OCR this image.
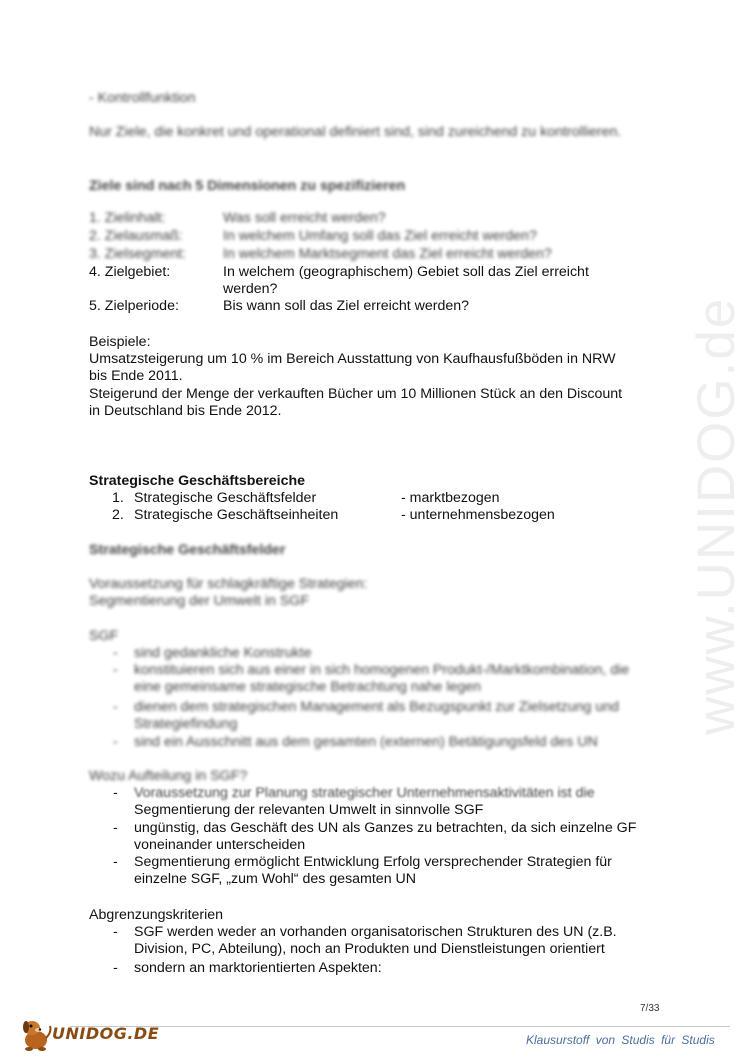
www.UNIDOG.de
- Kontrollfunktion
Nur Ziele, die konkret und operational definiert sind, sind zureichend zu kontrollieren.
Ziele sind nach 5 Dimensionen zu spezifizieren
1. Zielinhalt:	Was soll erreicht werden?
2. Zielausmaß:	In welchem Umfang soll das Ziel erreicht werden?
3. Zielsegment:	In welchem Marktsegment das Ziel erreicht werden?
4. Zielgebiet:	In welchem (geographischem) Gebiet soll das Ziel erreicht werden?
5. Zielperiode:	Bis wann soll das Ziel erreicht werden?
Beispiele:
Umsatzsteigerung um 10 % im Bereich Ausstattung von Kaufhausfußböden in NRW
bis Ende 2011.
Steigerund der Menge der verkauften Bücher um 10 Millionen Stück an den Discount
in Deutschland bis Ende 2012.
Strategische Geschäftsbereiche
1. Strategische Geschäftsfelder	- marktbezogen
2. Strategische Geschäftseinheiten	- unternehmensbezogen
Strategische Geschäftsfelder
Voraussetzung für schlagkräftige Strategien:
Segmentierung der Umwelt in SGF
SGF
- sind gedankliche Konstrukte
- konstituieren sich aus einer in sich homogenen Produkt-/Marktkombination, die eine gemeinsame strategische Betrachtung nahe legen
- dienen dem strategischen Management als Bezugspunkt zur Zielsetzung und Strategiefindung
- sind ein Ausschnitt aus dem gesamten (externen) Betätigungsfeld des UN
Wozu Aufteilung in SGF?
- Voraussetzung zur Planung strategischer Unternehmensaktivitäten ist die
Segmentierung der relevanten Umwelt in sinnvolle SGF
- ungünstig, das Geschäft des UN als Ganzes zu betrachten, da sich einzelne GF voneinander unterscheiden
- Segmentierung ermöglicht Entwicklung Erfolg versprechender Strategien für einzelne SGF, „zum Wohl“ des gesamten UN
Abgrenzungskriterien
- SGF werden weder an vorhanden organisatorischen Strukturen des UN (z.B. Division, PC, Abteilung), noch an Produkten und Dienstleistungen orientiert
- sondern an marktorientierten Aspekten:
7/33
UNIDOG.DE	Klausurstoff von Studis für Studis
